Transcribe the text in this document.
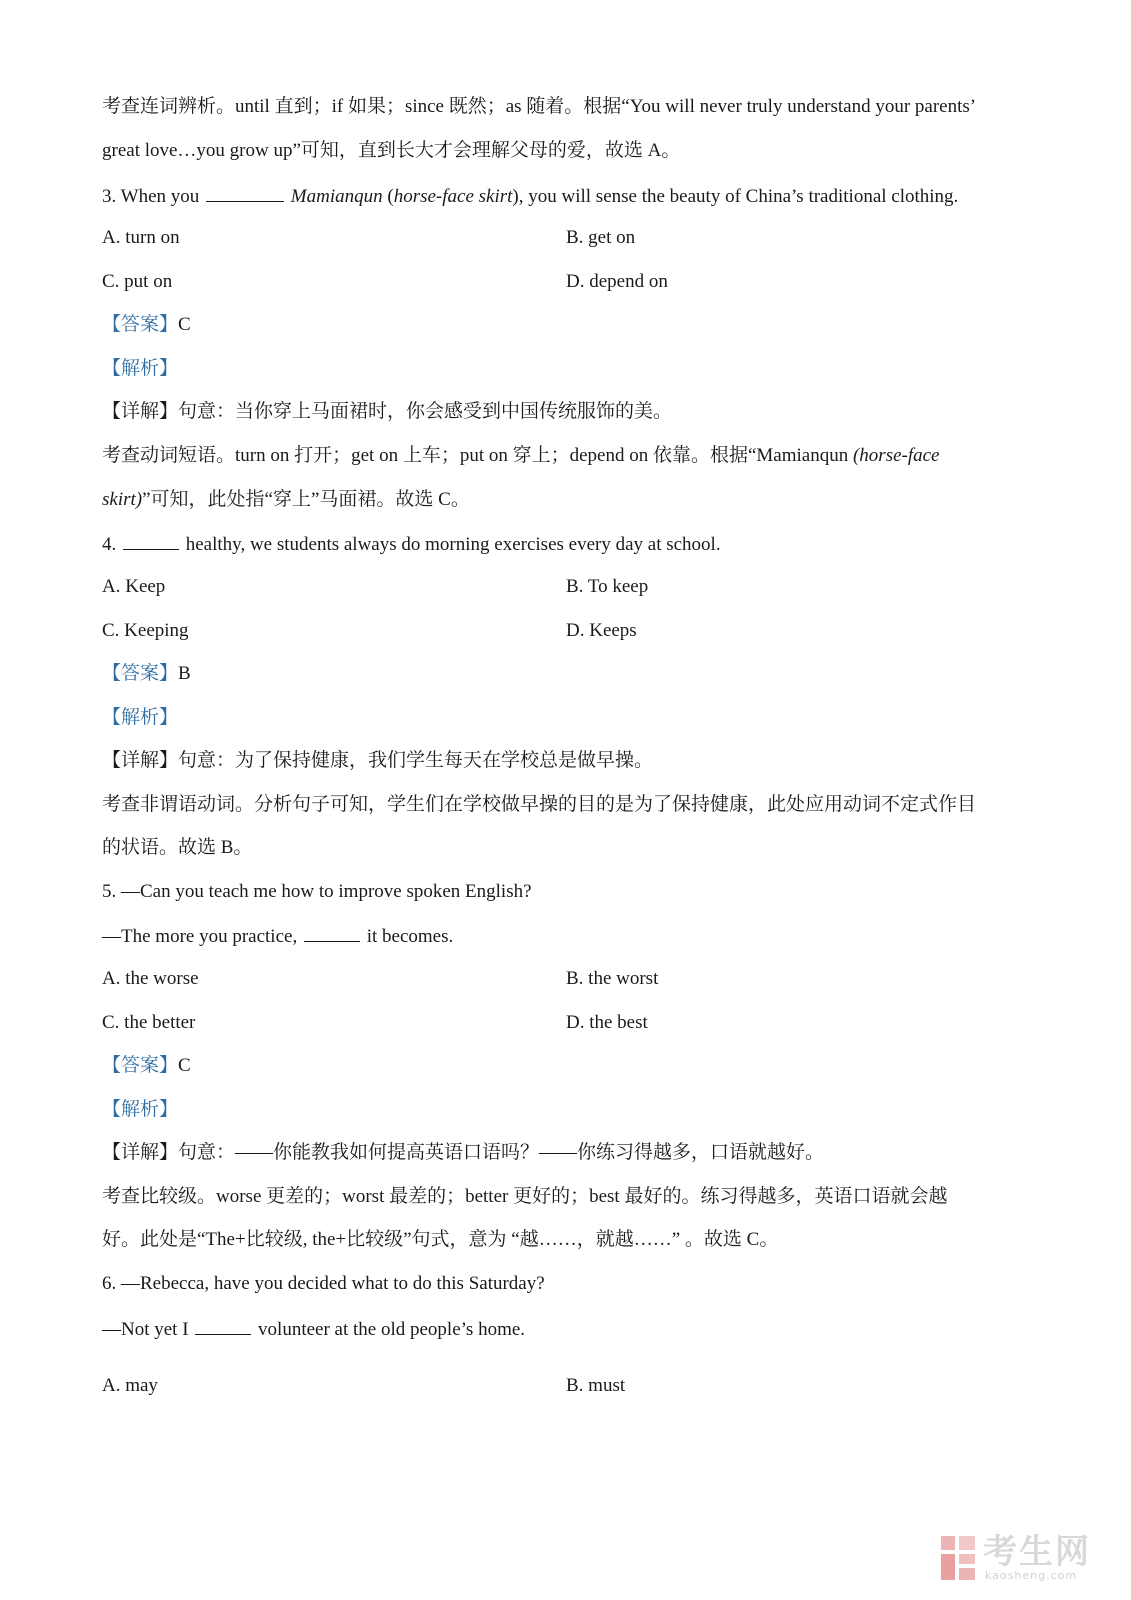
考查连词辨析。until 直到；if 如果；since 既然；as 随着。根据“You will never truly understand your parents’
great love…you grow up”可知，直到长大才会理解父母的爱，故选 A。
3. When you	Mamianqun (horse-face skirt), you will sense the beauty of China’s traditional clothing.
A. turn on	B. get on
C. put on	D. depend on
【答案】C
【解析】
【详解】句意：当你穿上马面裙时，你会感受到中国传统服饰的美。
考查动词短语。turn on 打开；get on 上车；put on 穿上；depend on 依靠。根据“Mamianqun (horse-face
skirt)”可知，此处指“穿上”马面裙。故选 C。
4.	healthy, we students always do morning exercises every day at school.
A. Keep	B. To keep
C. Keeping	D. Keeps
【答案】B
【解析】
【详解】句意：为了保持健康，我们学生每天在学校总是做早操。
考查非谓语动词。分析句子可知，学生们在学校做早操的目的是为了保持健康，此处应用动词不定式作目
的状语。故选 B。
5. —Can you teach me how to improve spoken English?
—The more you practice,	it becomes.
A. the worse	B. the worst
C. the better	D. the best
【答案】C
【解析】
【详解】句意：——你能教我如何提高英语口语吗？——你练习得越多，口语就越好。
考查比较级。worse 更差的；worst 最差的；better 更好的；best 最好的。练习得越多，英语口语就会越
好。此处是“The+比较级, the+比较级”句式，意为 “越……，就越……” 。故选 C。
6. —Rebecca, have you decided what to do this Saturday?
—Not yet I	volunteer at the old people’s home.
A. may	B. must
考生网
kaosheng.com
